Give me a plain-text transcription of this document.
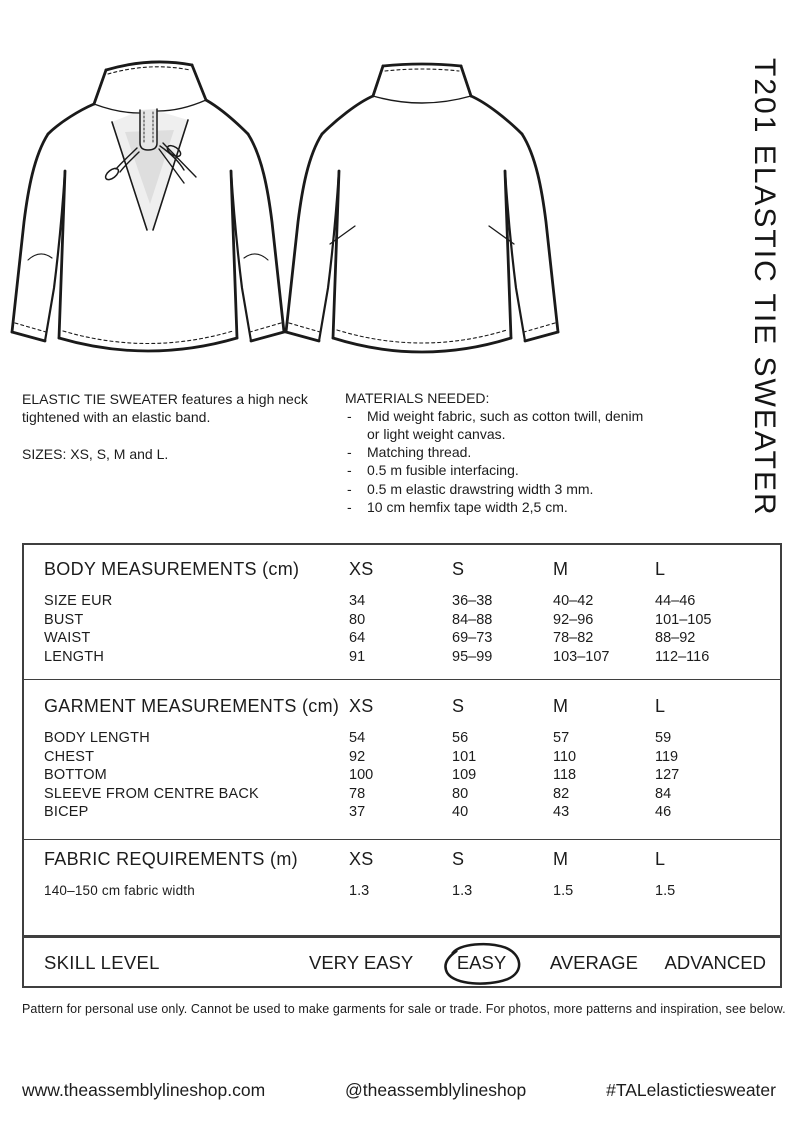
T201 ELASTIC TIE SWEATER
ELASTIC TIE SWEATER features a high neck tightened with an elastic band.
SIZES: XS, S, M and L.
MATERIALS NEEDED:
- Mid weight fabric, such as cotton twill, denim or light weight canvas.
- Matching thread.
- 0.5 m fusible interfacing.
- 0.5 m elastic drawstring width 3 mm.
- 10 cm hemfix tape width 2,5 cm.
BODY MEASUREMENTS (cm)	XS	S	M	L
SIZE EUR	34	36–38	40–42	44–46
BUST	80	84–88	92–96	101–105
WAIST	64	69–73	78–82	88–92
LENGTH	91	95–99	103–107	112–116
GARMENT MEASUREMENTS (cm) XS	S	M	L
BODY LENGTH	54	56	57	59
CHEST	92	101	110	119
BOTTOM	100	109	118	127
SLEEVE FROM CENTRE BACK	78	80	82	84
BICEP	37	40	43	46
FABRIC REQUIREMENTS (m)	XS	S	M	L
140–150 cm fabric width	1.3	1.3	1.5	1.5
SKILL LEVEL	VERY EASY	EASY	AVERAGE ADVANCED
Pattern for personal use only. Cannot be used to make garments for sale or trade. For photos, more patterns and inspiration, see below.
www.theassemblylineshop.com	@theassemblylineshop	#TALelastictiesweater
